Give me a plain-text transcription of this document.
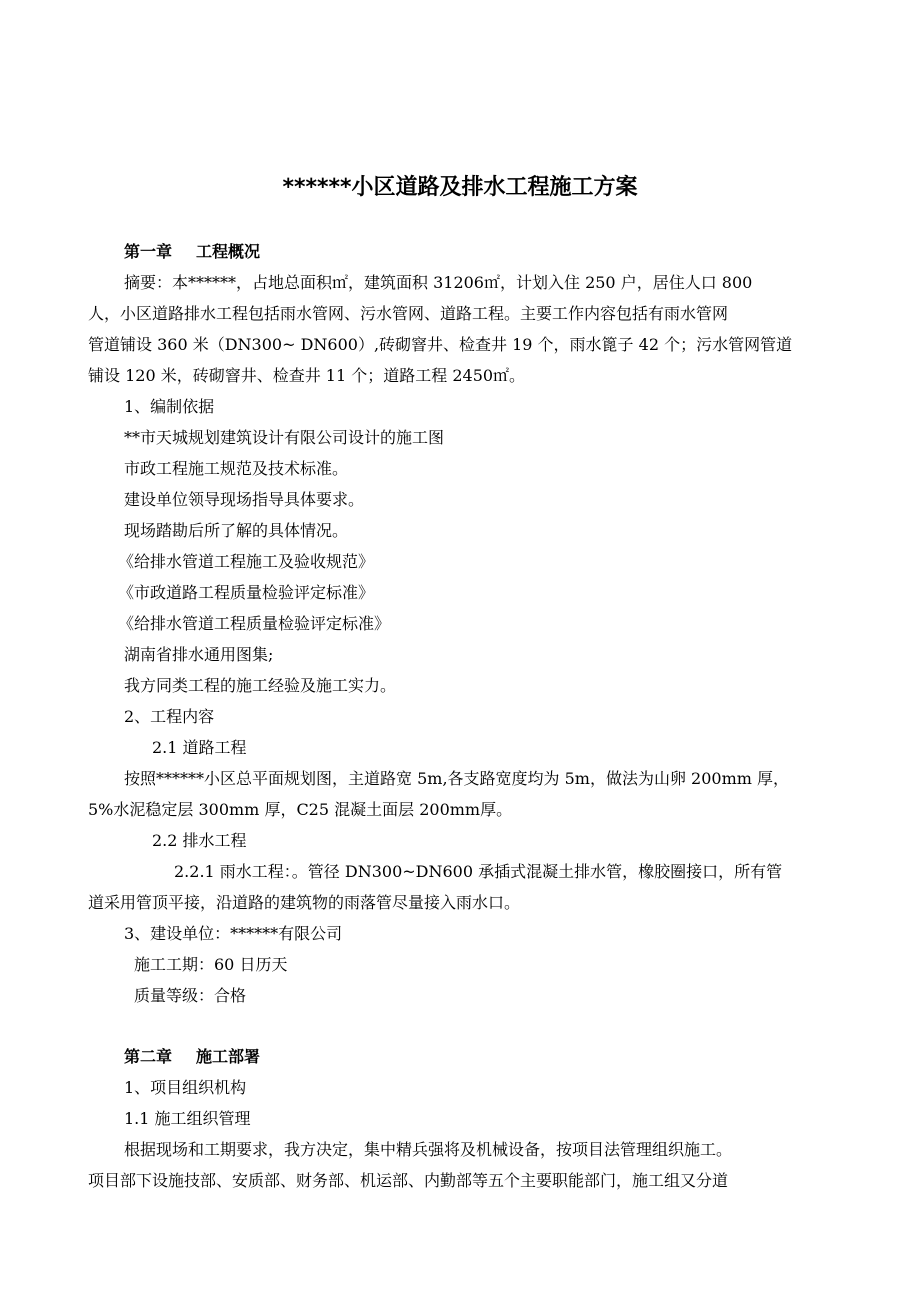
******小区道路及排水工程施工方案
第一章 工程概况
摘要：本******，占地总面积㎡，建筑面积 31206㎡，计划入住 250 户，居住人口 800
人，小区道路排水工程包括雨水管网、污水管网、道路工程。主要工作内容包括有雨水管网
管道铺设 360 米（DN300~ DN600）,砖砌窨井、检查井 19 个，雨水篦子 42 个；污水管网管道
铺设 120 米，砖砌窨井、检查井 11 个；道路工程 2450㎡。
1、编制依据
**市天城规划建筑设计有限公司设计的施工图
市政工程施工规范及技术标准。
建设单位领导现场指导具体要求。
现场踏勘后所了解的具体情况。
《给排水管道工程施工及验收规范》
《市政道路工程质量检验评定标准》
《给排水管道工程质量检验评定标准》
湖南省排水通用图集;
我方同类工程的施工经验及施工实力。
2、工程内容
2.1 道路工程
按照******小区总平面规划图，主道路宽 5m,各支路宽度均为 5m，做法为山卵 200mm 厚，
5%水泥稳定层 300mm 厚，C25 混凝土面层 200mm厚。
2.2 排水工程
2.2.1 雨水工程：。管径 DN300~DN600 承插式混凝土排水管，橡胶圈接口，所有管
道采用管顶平接，沿道路的建筑物的雨落管尽量接入雨水口。
3、建设单位：******有限公司
施工工期：60 日历天
质量等级：合格
第二章 施工部署
1、项目组织机构
1.1 施工组织管理
根据现场和工期要求，我方决定，集中精兵强将及机械设备，按项目法管理组织施工。
项目部下设施技部、安质部、财务部、机运部、内勤部等五个主要职能部门，施工组又分道
